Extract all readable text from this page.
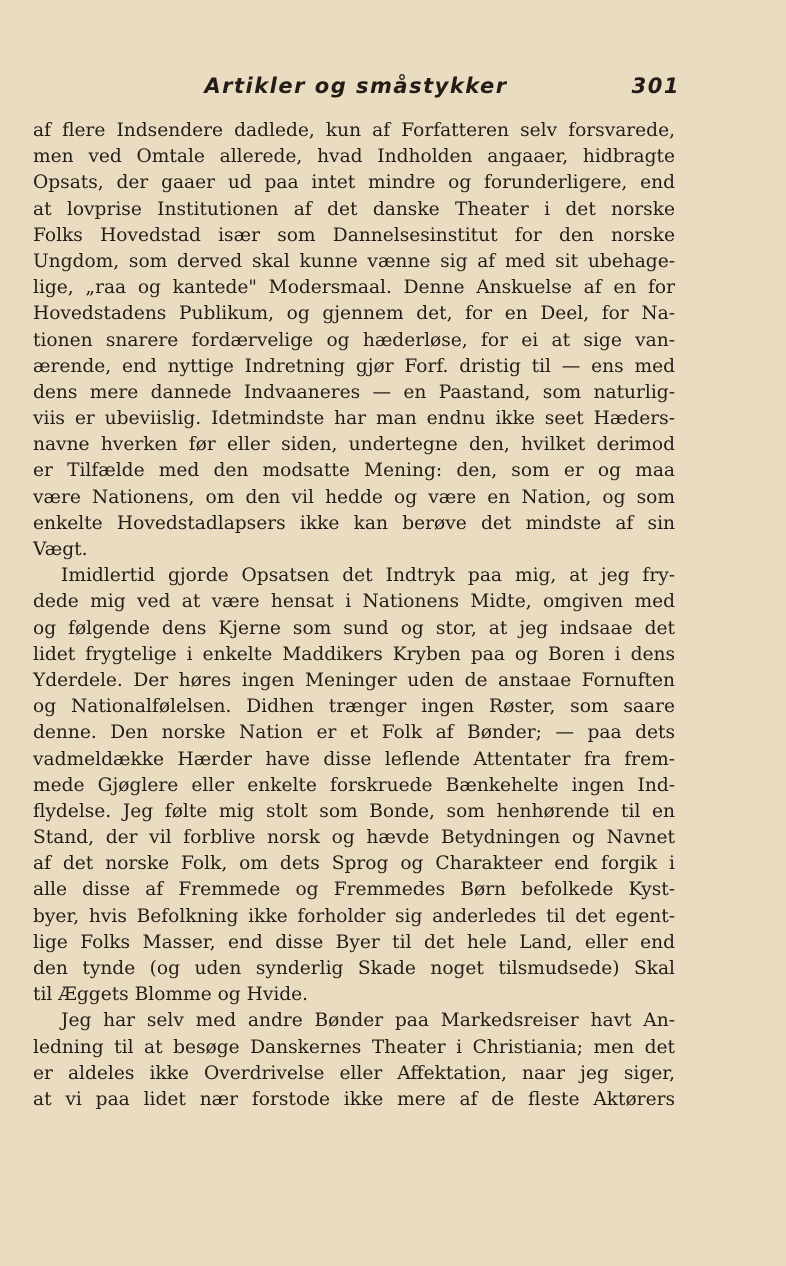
Artikler og småstykker	301
af flere Indsendere dadlede, kun af Forfatteren selv forsvarede,
men ved Omtale allerede, hvad Indholden angaaer, hidbragte
Opsats, der gaaer ud paa intet mindre og forunderligere, end
at lovprise Institutionen af det danske Theater i det norske
Folks Hovedstad især som Dannelsesinstitut for den norske
Ungdom, som derved skal kunne vænne sig af med sit ubehage-
lige, „raa og kantede" Modersmaal. Denne Anskuelse af en for
Hovedstadens Publikum, og gjennem det, for en Deel, for Na-
tionen snarere fordærvelige og hæderløse, for ei at sige van-
ærende, end nyttige Indretning gjør Forf. dristig til — ens med
dens mere dannede Indvaaneres — en Paastand, som naturlig-
viis er ubeviislig. Idetmindste har man endnu ikke seet Hæders-
navne hverken før eller siden, undertegne den, hvilket derimod
er Tilfælde med den modsatte Mening: den, som er og maa
være Nationens, om den vil hedde og være en Nation, og som
enkelte Hovedstadlapsers ikke kan berøve det mindste af sin
Vægt.
Imidlertid gjorde Opsatsen det Indtryk paa mig, at jeg fry-
dede mig ved at være hensat i Nationens Midte, omgiven med
og følgende dens Kjerne som sund og stor, at jeg indsaae det
lidet frygtelige i enkelte Maddikers Kryben paa og Boren i dens
Yderdele. Der høres ingen Meninger uden de anstaae Fornuften
og Nationalfølelsen. Didhen trænger ingen Røster, som saare
denne. Den norske Nation er et Folk af Bønder; — paa dets
vadmeldække Hærder have disse leflende Attentater fra frem-
mede Gjøglere eller enkelte forskruede Bænkehelte ingen Ind-
flydelse. Jeg følte mig stolt som Bonde, som henhørende til en
Stand, der vil forblive norsk og hævde Betydningen og Navnet
af det norske Folk, om dets Sprog og Charakteer end forgik i
alle disse af Fremmede og Fremmedes Børn befolkede Kyst-
byer, hvis Befolkning ikke forholder sig anderledes til det egent-
lige Folks Masser, end disse Byer til det hele Land, eller end
den tynde (og uden synderlig Skade noget tilsmudsede) Skal
til Æggets Blomme og Hvide.
Jeg har selv med andre Bønder paa Markedsreiser havt An-
ledning til at besøge Danskernes Theater i Christiania; men det
er aldeles ikke Overdrivelse eller Affektation, naar jeg siger,
at vi paa lidet nær forstode ikke mere af de fleste Aktørers
